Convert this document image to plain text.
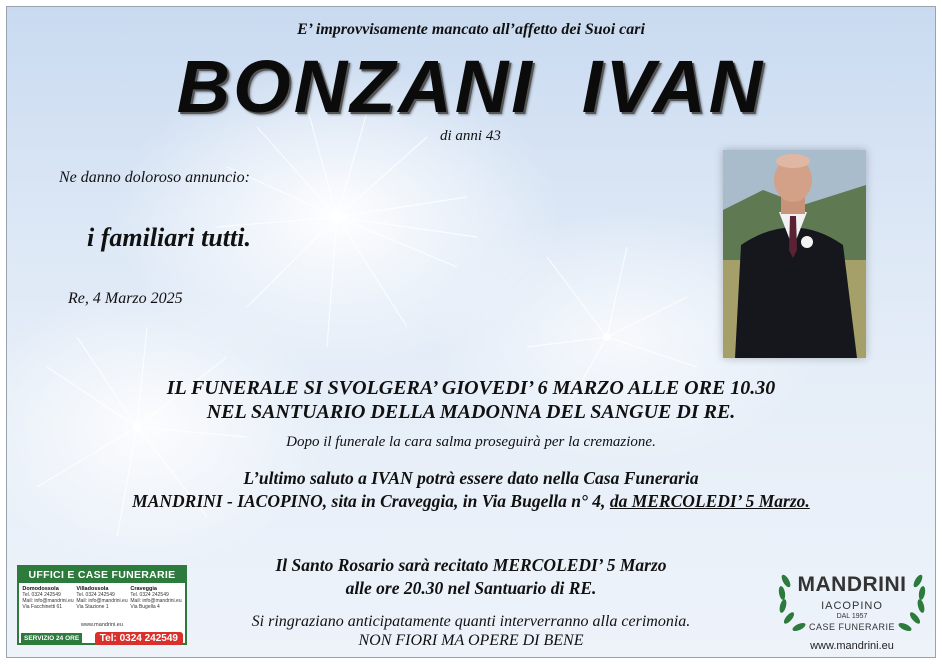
E’ improvvisamente mancato all’affetto dei Suoi cari
BONZANI  IVAN
di anni 43
Ne danno doloroso annuncio:
i familiari tutti.
Re, 4 Marzo 2025
IL FUNERALE SI SVOLGERA’ GIOVEDI’ 6 MARZO ALLE ORE 10.30
NEL SANTUARIO DELLA MADONNA DEL SANGUE DI RE.
Dopo il funerale la cara salma proseguirà per la cremazione.
L’ultimo saluto a IVAN potrà essere dato nella Casa Funeraria
MANDRINI - IACOPINO, sita in Craveggia, in Via Bugella n° 4, da MERCOLEDI’ 5 Marzo.
Il Santo Rosario sarà recitato MERCOLEDI’ 5 Marzo
alle ore 20.30 nel Santuario di RE.
Si ringraziano anticipatamente quanti interverranno alla cerimonia.
NON FIORI MA OPERE DI BENE
UFFICI E CASE FUNERARIE
Domodossola
Tel. 0324 242549
Mail: info@mandrini.eu
Via Facchinetti 61
Villadossola
Tel. 0324 242549
Mail: info@mandrini.eu
Via Stazione 1
Craveggia
Tel. 0324 242549
Mail: info@mandrini.eu
Via Bugella 4
www.mandrini.eu
SERVIZIO 24 ORE	Tel: 0324 242549
MANDRINI
IACOPINO
DAL 1957
CASE FUNERARIE
www.mandrini.eu
